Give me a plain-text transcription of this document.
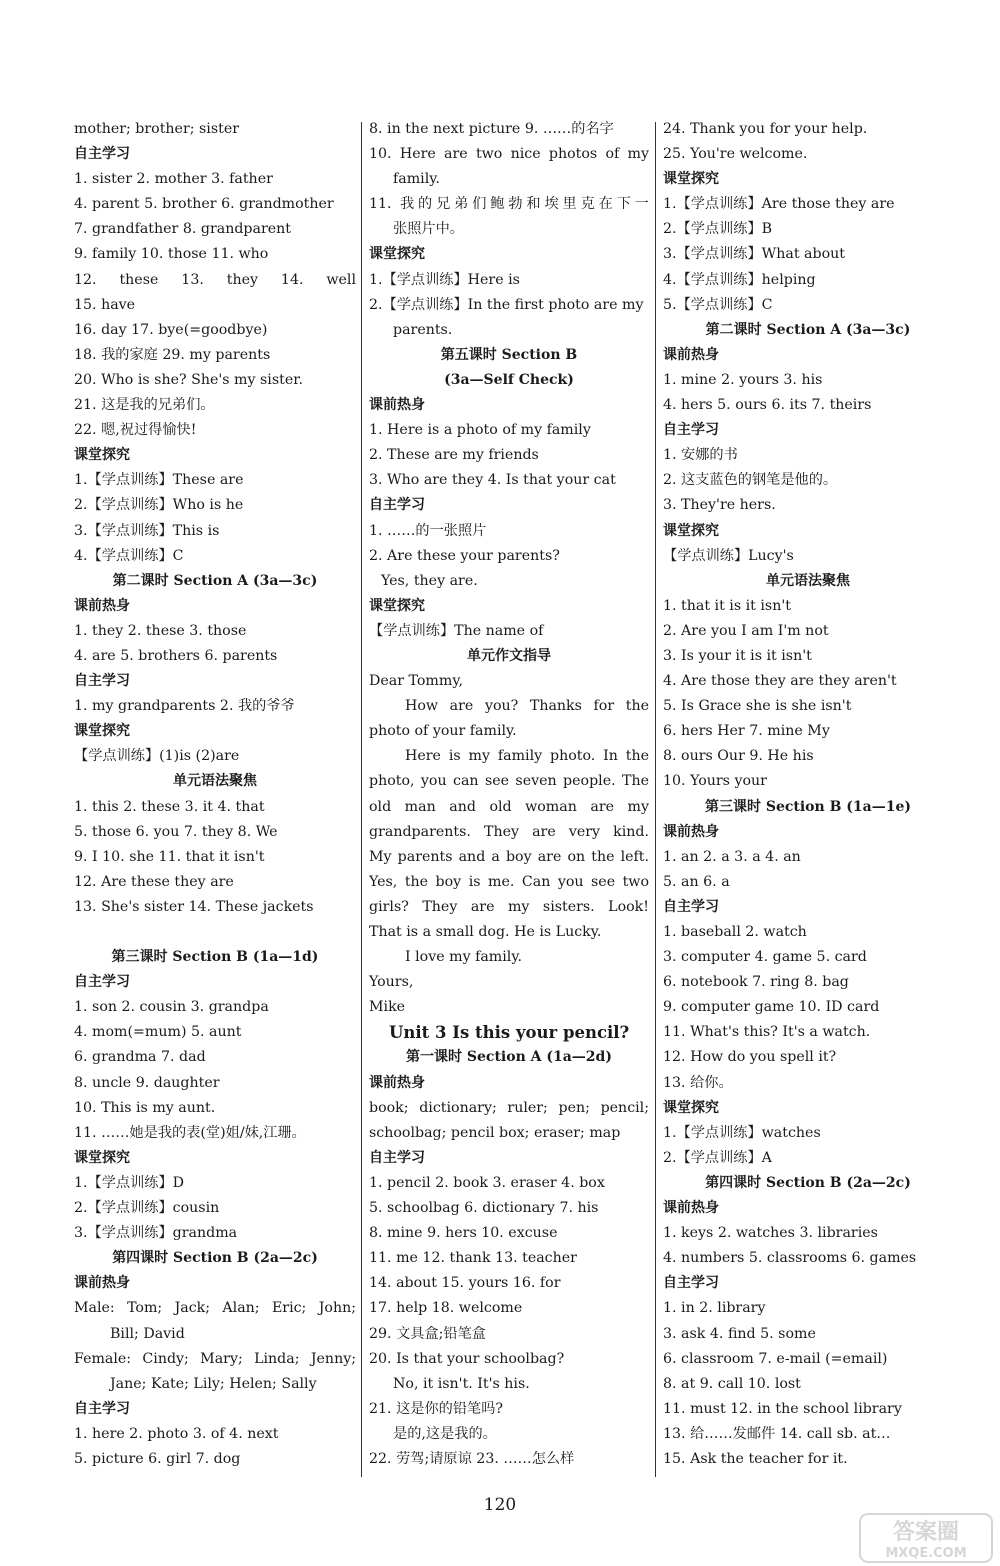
mother; brother; sister
自主学习
1. sister 2. mother 3. father
4. parent 5. brother 6. grandmother
7. grandfather 8. grandparent
9. family 10. those 11. who
12. these 13. they 14. well
15. have
16. day 17. bye(=goodbye)
18. 我的家庭 29. my parents
20. Who is she? She's my sister.
21. 这是我的兄弟们。
22. 嗯,祝过得愉快!
课堂探究
1.【学点训练】These are
2.【学点训练】Who is he
3.【学点训练】This is
4.【学点训练】C
第二课时 Section A (3a—3c)
课前热身
1. they 2. these 3. those
4. are 5. brothers 6. parents
自主学习
1. my grandparents 2. 我的爷爷
课堂探究
【学点训练】(1)is (2)are
单元语法聚焦
1. this 2. these 3. it 4. that
5. those 6. you 7. they 8. We
9. I 10. she 11. that it isn't
12. Are these they are
13. She's sister 14. These jackets
第三课时 Section B (1a—1d)
自主学习
1. son 2. cousin 3. grandpa
4. mom(=mum) 5. aunt
6. grandma 7. dad
8. uncle 9. daughter
10. This is my aunt.
11. ……她是我的表(堂)姐/妹,江珊。
课堂探究
1.【学点训练】D
2.【学点训练】cousin
3.【学点训练】grandma
第四课时 Section B (2a—2c)
课前热身
Male: Tom; Jack; Alan; Eric; John;
Bill; David
Female: Cindy; Mary; Linda; Jenny;
Jane; Kate; Lily; Helen; Sally
自主学习
1. here 2. photo 3. of 4. next
5. picture 6. girl 7. dog
8. in the next picture 9. ……的名字
10. Here are two nice photos of my
family.
11. 我的兄弟们鲍勃和埃里克在下一
张照片中。
课堂探究
1.【学点训练】Here is
2.【学点训练】In the first photo are my
parents.
第五课时 Section B
(3a—Self Check)
课前热身
1. Here is a photo of my family
2. These are my friends
3. Who are they 4. Is that your cat
自主学习
1. ……的一张照片
2. Are these your parents?
Yes, they are.
课堂探究
【学点训练】The name of
单元作文指导
Dear Tommy,
How are you? Thanks for the
photo of your family.
Here is my family photo. In the
photo, you can see seven people. The
old man and old woman are my
grandparents. They are very kind.
My parents and a boy are on the left.
Yes, the boy is me. Can you see two
girls? They are my sisters. Look!
That is a small dog. He is Lucky.
I love my family.
Yours,
Mike
Unit 3 Is this your pencil?
第一课时 Section A (1a—2d)
课前热身
book; dictionary; ruler; pen; pencil;
schoolbag; pencil box; eraser; map
自主学习
1. pencil 2. book 3. eraser 4. box
5. schoolbag 6. dictionary 7. his
8. mine 9. hers 10. excuse
11. me 12. thank 13. teacher
14. about 15. yours 16. for
17. help 18. welcome
29. 文具盒;铅笔盒
20. Is that your schoolbag?
No, it isn't. It's his.
21. 这是你的铅笔吗?
是的,这是我的。
22. 劳驾;请原谅 23. ……怎么样
24. Thank you for your help.
25. You're welcome.
课堂探究
1.【学点训练】Are those they are
2.【学点训练】B
3.【学点训练】What about
4.【学点训练】helping
5.【学点训练】C
第二课时 Section A (3a—3c)
课前热身
1. mine 2. yours 3. his
4. hers 5. ours 6. its 7. theirs
自主学习
1. 安娜的书
2. 这支蓝色的钢笔是他的。
3. They're hers.
课堂探究
【学点训练】Lucy's
单元语法聚焦
1. that it is it isn't
2. Are you I am I'm not
3. Is your it is it isn't
4. Are those they are they aren't
5. Is Grace she is she isn't
6. hers Her 7. mine My
8. ours Our 9. He his
10. Yours your
第三课时 Section B (1a—1e)
课前热身
1. an 2. a 3. a 4. an
5. an 6. a
自主学习
1. baseball 2. watch
3. computer 4. game 5. card
6. notebook 7. ring 8. bag
9. computer game 10. ID card
11. What's this? It's a watch.
12. How do you spell it?
13. 给你。
课堂探究
1.【学点训练】watches
2.【学点训练】A
第四课时 Section B (2a—2c)
课前热身
1. keys 2. watches 3. libraries
4. numbers 5. classrooms 6. games
自主学习
1. in 2. library
3. ask 4. find 5. some
6. classroom 7. e-mail (=email)
8. at 9. call 10. lost
11. must 12. in the school library
13. 给……发邮件 14. call sb. at…
15. Ask the teacher for it.
120
答案圈
MXQE.COM
